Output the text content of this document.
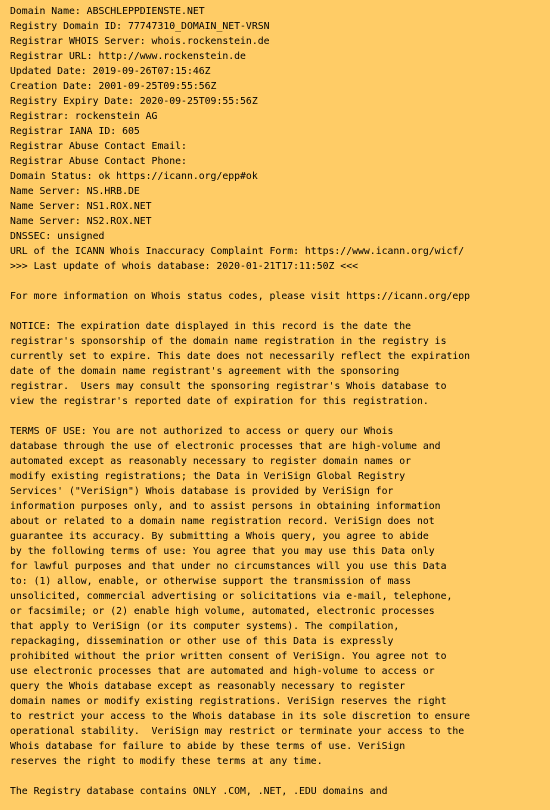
Domain Name: ABSCHLEPPDIENSTE.NET
Registry Domain ID: 77747310_DOMAIN_NET-VRSN
Registrar WHOIS Server: whois.rockenstein.de
Registrar URL: http://www.rockenstein.de
Updated Date: 2019-09-26T07:15:46Z
Creation Date: 2001-09-25T09:55:56Z
Registry Expiry Date: 2020-09-25T09:55:56Z
Registrar: rockenstein AG
Registrar IANA ID: 605
Registrar Abuse Contact Email:
Registrar Abuse Contact Phone:
Domain Status: ok https://icann.org/epp#ok
Name Server: NS.HRB.DE
Name Server: NS1.ROX.NET
Name Server: NS2.ROX.NET
DNSSEC: unsigned
URL of the ICANN Whois Inaccuracy Complaint Form: https://www.icann.org/wicf/
>>> Last update of whois database: 2020-01-21T17:11:50Z <<<
For more information on Whois status codes, please visit https://icann.org/epp
NOTICE: The expiration date displayed in this record is the date the
registrar's sponsorship of the domain name registration in the registry is
currently set to expire. This date does not necessarily reflect the expiration
date of the domain name registrant's agreement with the sponsoring
registrar.  Users may consult the sponsoring registrar's Whois database to
view the registrar's reported date of expiration for this registration.
TERMS OF USE: You are not authorized to access or query our Whois
database through the use of electronic processes that are high-volume and
automated except as reasonably necessary to register domain names or
modify existing registrations; the Data in VeriSign Global Registry
Services' ("VeriSign") Whois database is provided by VeriSign for
information purposes only, and to assist persons in obtaining information
about or related to a domain name registration record. VeriSign does not
guarantee its accuracy. By submitting a Whois query, you agree to abide
by the following terms of use: You agree that you may use this Data only
for lawful purposes and that under no circumstances will you use this Data
to: (1) allow, enable, or otherwise support the transmission of mass
unsolicited, commercial advertising or solicitations via e-mail, telephone,
or facsimile; or (2) enable high volume, automated, electronic processes
that apply to VeriSign (or its computer systems). The compilation,
repackaging, dissemination or other use of this Data is expressly
prohibited without the prior written consent of VeriSign. You agree not to
use electronic processes that are automated and high-volume to access or
query the Whois database except as reasonably necessary to register
domain names or modify existing registrations. VeriSign reserves the right
to restrict your access to the Whois database in its sole discretion to ensure
operational stability.  VeriSign may restrict or terminate your access to the
Whois database for failure to abide by these terms of use. VeriSign
reserves the right to modify these terms at any time.
The Registry database contains ONLY .COM, .NET, .EDU domains and
